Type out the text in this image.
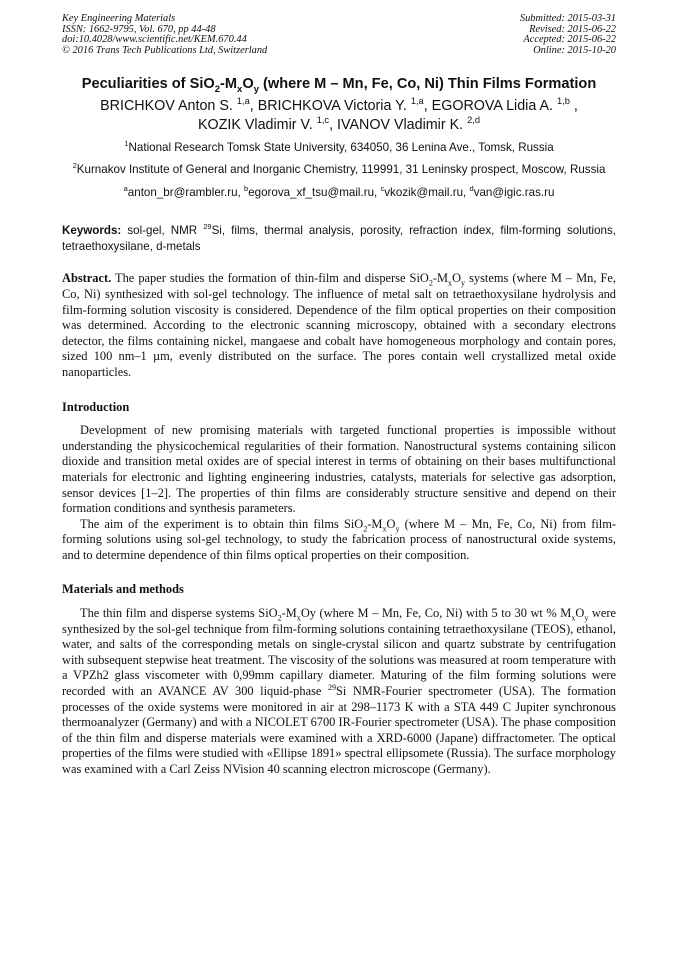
Key Engineering Materials
ISSN: 1662-9795, Vol. 670, pp 44-48
doi:10.4028/www.scientific.net/KEM.670.44
© 2016 Trans Tech Publications Ltd, Switzerland
Submitted: 2015-03-31
Revised: 2015-06-22
Accepted: 2015-06-22
Online: 2015-10-20
Peculiarities of $SiO_2-M_xO_y$ (where M – Mn, Fe, Co, Ni) Thin Films Formation
BRICHKOV Anton S. $^{1,a}$, BRICHKOVA Victoria Y. $^{1,a}$, EGOROVA Lidia A. $^{1,b}$ ,
KOZIK Vladimir V. $^{1,c}$, IVANOV Vladimir K. $^{2,d}$
$^1$National Research Tomsk State University, 634050, 36 Lenina Ave., Tomsk, Russia
$^2$Kurnakov Institute of General and Inorganic Chemistry, 119991, 31 Leninsky prospect, Moscow, Russia
$^a$anton_br@rambler.ru, $^b$egorova_xf_tsu@mail.ru, $^c$vkozik@mail.ru, $^d$van@igic.ras.ru
Keywords: sol-gel, NMR $^{29}$Si, films, thermal analysis, porosity, refraction index, film-forming solutions, tetraethoxysilane, d-metals
Abstract. The paper studies the formation of thin-film and disperse $SiO_2-M_xO_y$ systems (where M – Mn, Fe, Co, Ni) synthesized with sol-gel technology. The influence of metal salt on tetraethoxysilane hydrolysis and film-forming solution viscosity is considered. Dependence of the film optical properties on their composition was determined. According to the electronic scanning microscopy, obtained with a secondary electrons detector, the films containing nickel, mangaese and cobalt have homogeneous morphology and contain pores, sized 100 nm–1 µm, evenly distributed on the surface. The pores contain well crystallized metal oxide nanoparticles.
Introduction

Development of new promising materials with targeted functional properties is impossible without understanding the physicochemical regularities of their formation. Nanostructural systems containing silicon dioxide and transition metal oxides are of special interest in terms of obtaining on their bases multifunctional materials for electronic and lighting engineering industries, catalysts, materials for selective gas adsorption, sensor devices [1–2]. The properties of thin films are considerably structure sensitive and depend on their formation conditions and synthesis parameters.

The aim of the experiment is to obtain thin films $SiO_2-M_xO_y$ (where M – Mn, Fe, Co, Ni) from film-forming solutions using sol-gel technology, to study the fabrication process of nanostructural oxide systems, and to determine dependence of thin films optical properties on their composition.

Materials and methods

The thin film and disperse systems $SiO_2-M_xOy$ (where M – Mn, Fe, Co, Ni) with 5 to 30 wt % $M_xO_y$ were synthesized by the sol-gel technique from film-forming solutions containing tetraethoxysilane (TEOS), ethanol, water, and salts of the corresponding metals on single-crystal silicon and quartz substrate by centrifugation with subsequent stepwise heat treatment. The viscosity of the solutions was measured at room temperature with a VPZh2 glass viscometer with 0,99mm capillary diameter. Maturing of the film forming solutions were recorded with an AVANCE AV 300 liquid-phase $^{29}$Si NMR-Fourier spectrometer (USA). The formation processes of the oxide systems were monitored in air at 298–1173 K with a STA 449 C Jupiter synchronous thermoanalyzer (Germany) and with a NICOLET 6700 IR-Fourier spectrometer (USA). The phase composition of the thin film and disperse materials were examined with a XRD-6000 (Japane) diffractometer. The optical properties of the films were studied with «Ellipse 1891» spectral ellipsomete (Russia). The surface morphology was examined with a Carl Zeiss NVision 40 scanning electron microscope (Germany).
